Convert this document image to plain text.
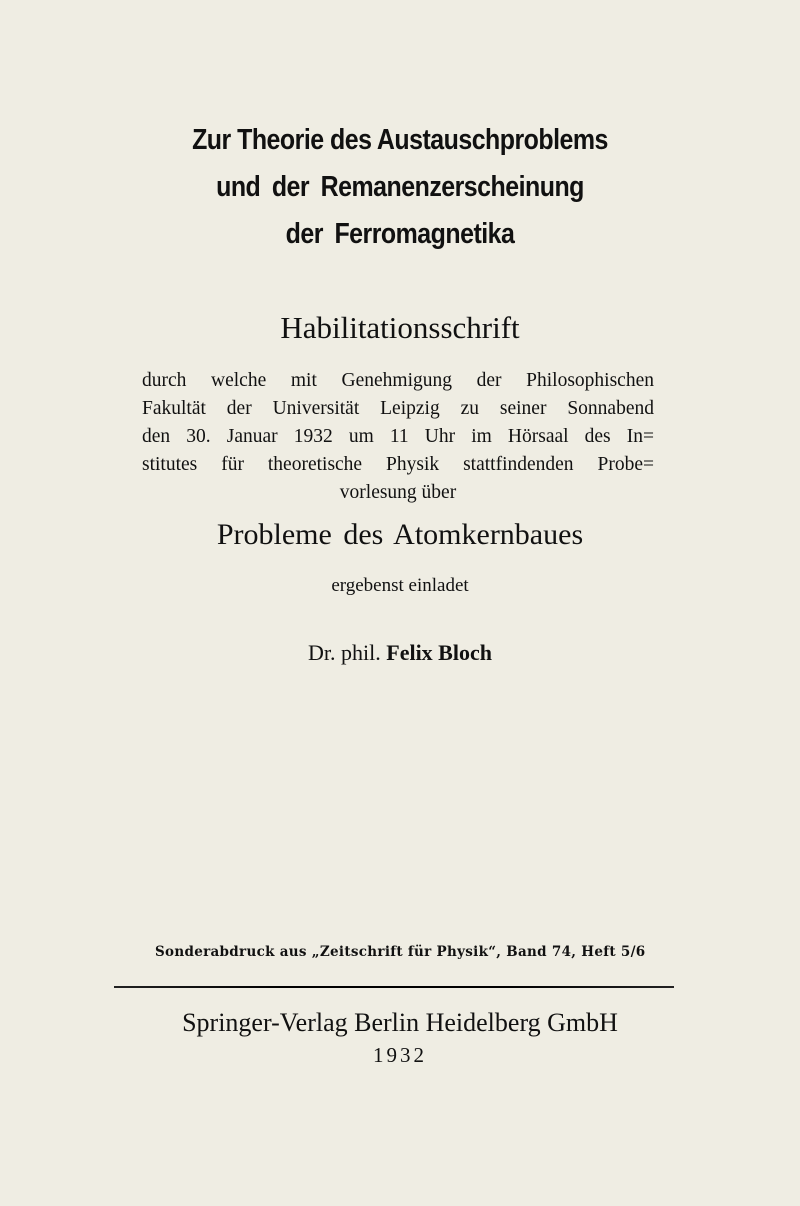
Zur Theorie des Austauschproblems
und der Remanenzerscheinung
der Ferromagnetika
Habilitationsschrift
durch welche mit Genehmigung der Philosophischen
Fakultät der Universität Leipzig zu seiner Sonnabend
den 30. Januar 1932 um 11 Uhr im Hörsaal des In=
stitutes für theoretische Physik stattfindenden Probe=
vorlesung über
Probleme des Atomkernbaues
ergebenst einladet
Dr. phil. Felix Bloch
Sonderabdruck aus „Zeitschrift für Physik“, Band 74, Heft 5/6
Springer-Verlag Berlin Heidelberg GmbH
1932
